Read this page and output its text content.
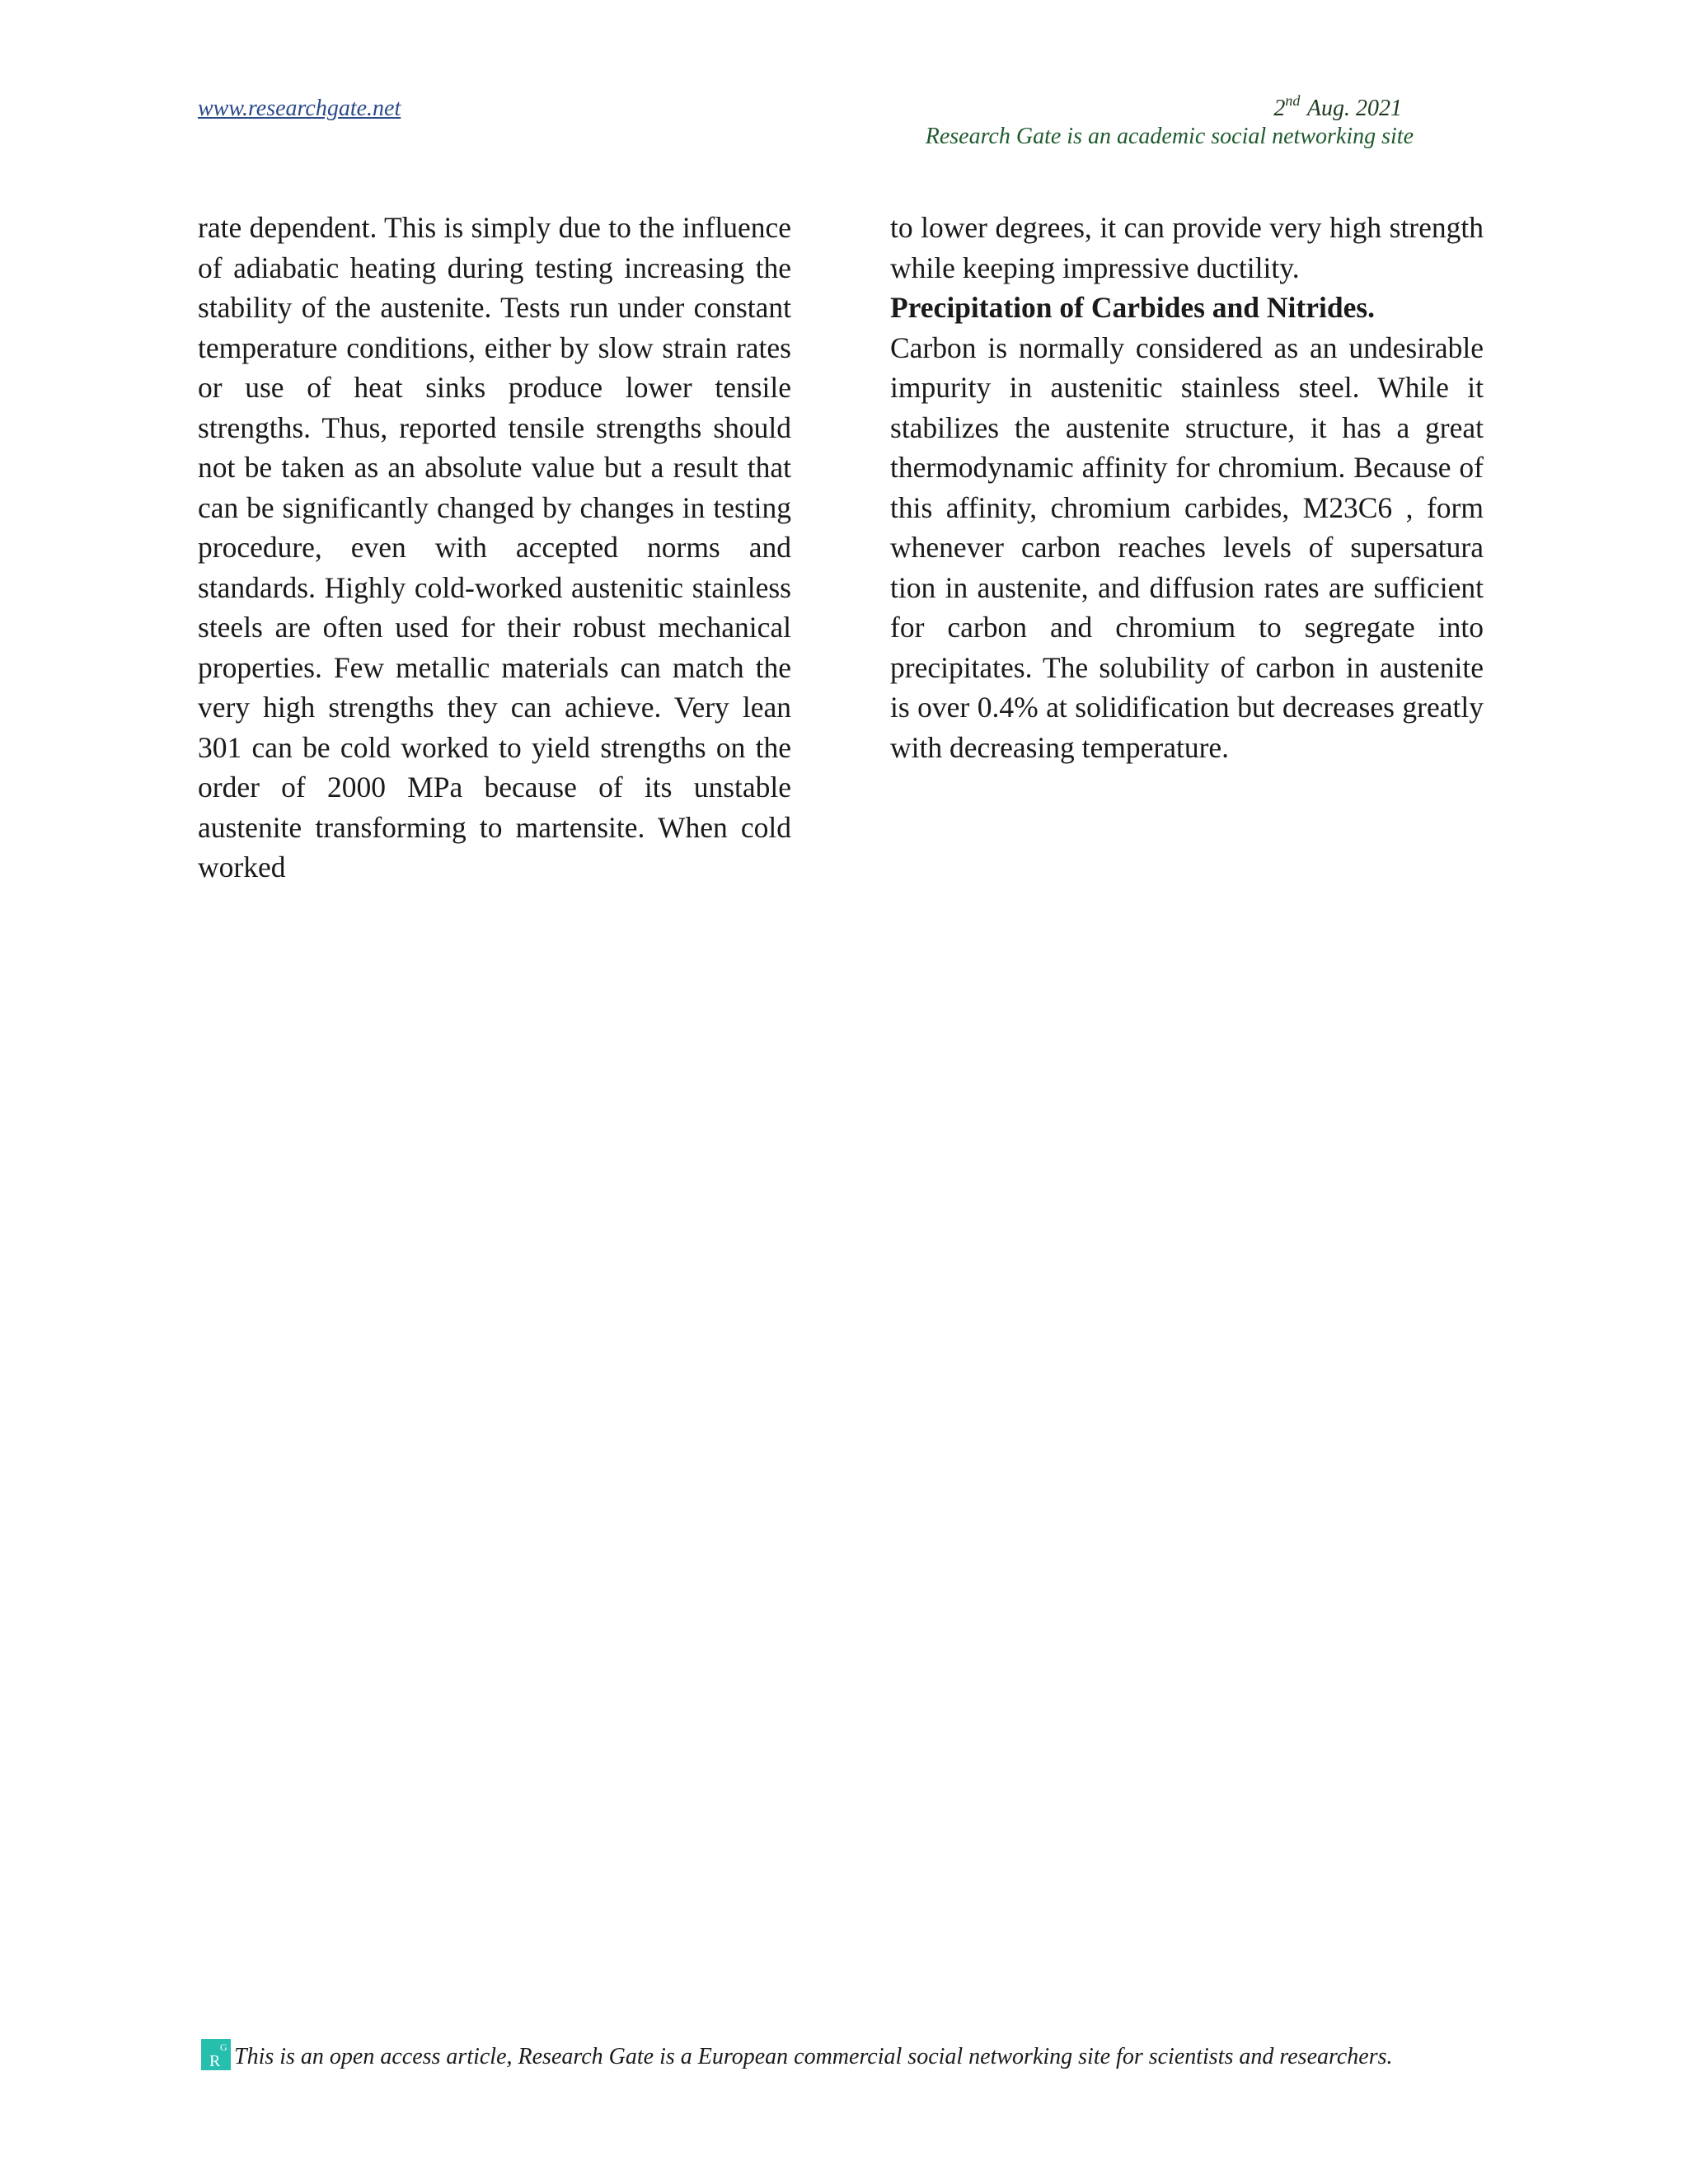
www.researchgate.net	2nd Aug. 2021
Research Gate is an academic social networking site

rate dependent. This is simply due to the influence of adiabatic heating during testing increasing the stability of the austenite. Tests run under constant temperature conditions, either by slow strain rates or use of heat sinks produce lower tensile strengths. Thus, reported tensile strengths should not be taken as an absolute value but a result that can be significantly changed by changes in testing procedure, even with accepted norms and standards. Highly cold-worked austenitic stainless steels are often used for their robust mechanical properties. Few metallic materials can match the very high strengths they can achieve. Very lean 301 can be cold worked to yield strengths on the order of 2000 MPa because of its unstable austenite transforming to martensite. When cold worked

to lower degrees, it can provide very high strength while keeping impressive ductility.

Precipitation of Carbides and Nitrides.

Carbon is normally considered as an undesirable impurity in austenitic stainless steel. While it stabilizes the austenite structure, it has a great thermodynamic affinity for chromium. Because of this affinity, chromium carbides, M23C6 , form whenever carbon reaches levels of supersatura tion in austenite, and diffusion rates are sufficient for carbon and chromium to segregate into precipitates. The solubility of carbon in austenite is over 0.4% at solidification but decreases greatly with decreasing temperature.

R
G This is an open access article, Research Gate is a European commercial social networking site for scientists and researchers.
